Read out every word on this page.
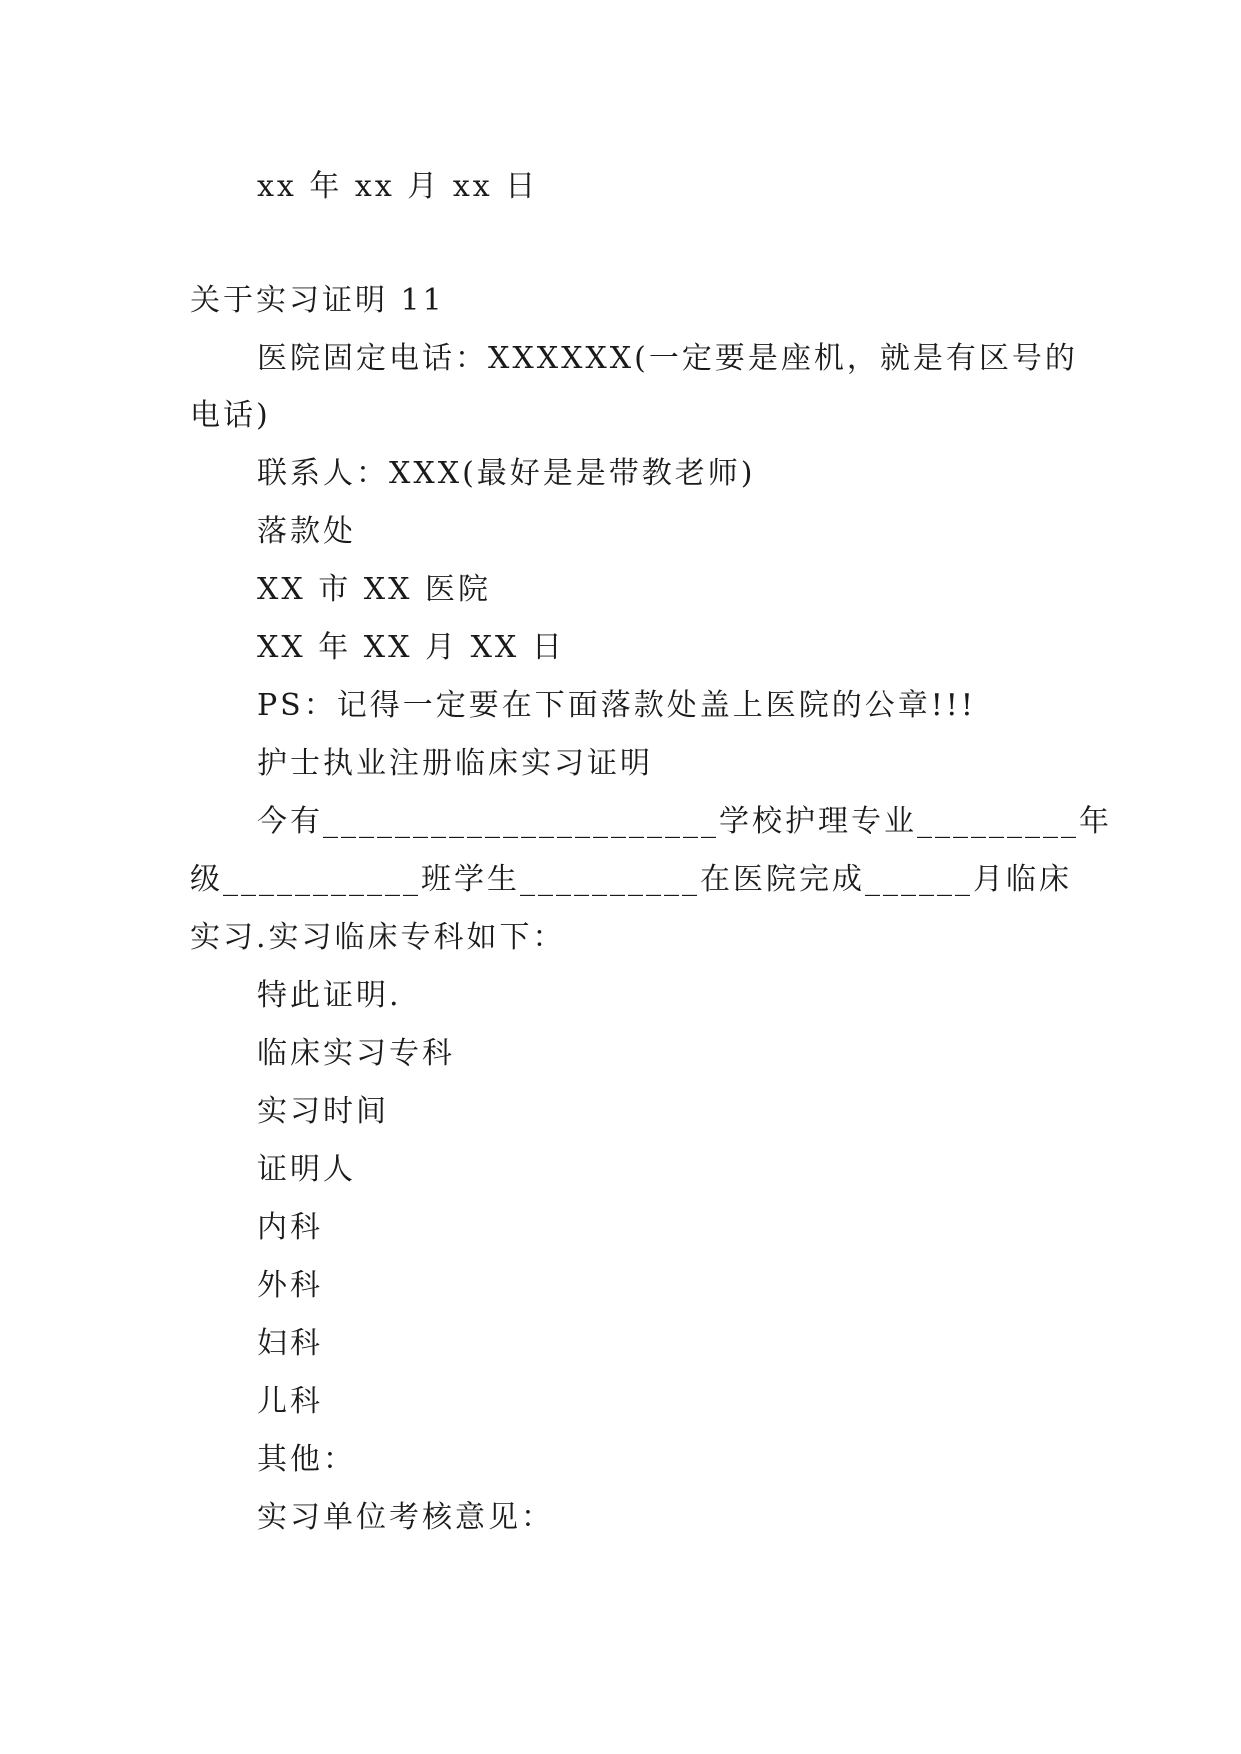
xx 年 xx 月 xx 日
关于实习证明 11
医院固定电话：XXXXXX(一定要是座机，就是有区号的
电话)
联系人：XXX(最好是是带教老师)
落款处
XX 市 XX 医院
XX 年 XX 月 XX 日
PS：记得一定要在下面落款处盖上医院的公章!!!
护士执业注册临床实习证明
今有______________________学校护理专业_________年
级___________班学生__________在医院完成______月临床
实习.实习临床专科如下：
特此证明.
临床实习专科
实习时间
证明人
内科
外科
妇科
儿科
其他：
实习单位考核意见：
